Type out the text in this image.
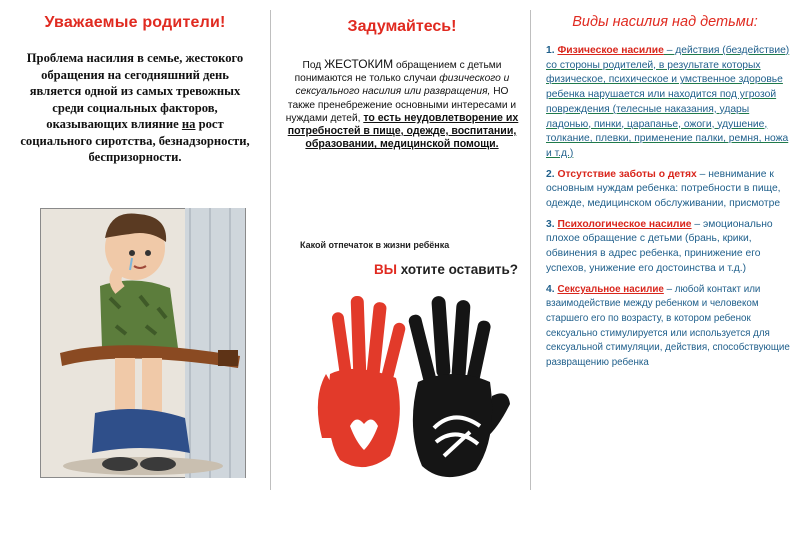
Уважаемые родители!
Проблема насилия в семье, жестокого обращения на сегодняшний день является одной из самых тревожных среди социальных факторов, оказывающих влияние на рост социального сиротства, безнадзорности, беспризорности.
Задумайтесь!
Под ЖЕСТОКИМ обращением с детьми понимаются не только случаи физического и сексуального насилия или развращения, НО также пренебрежение основными интересами и нуждами детей, то есть неудовлетворение их потребностей в пище, одежде, воспитании, образовании, медицинской помощи.
Какой отпечаток в жизни ребёнка
ВЫ хотите оставить?
Виды насилия над детьми:
1. Физическое насилие – действия (бездействие) со стороны родителей, в результате которых физическое, психическое и умственное здоровье ребенка нарушается или находится под угрозой повреждения (телесные наказания, удары ладонью, пинки, царапанье, ожоги, удушение, толкание, плевки, применение палки, ремня, ножа и т.д.)
2. Отсутствие заботы о детях – невнимание к основным нуждам ребенка: потребности в пище, одежде, медицинском обслуживании, присмотре
3. Психологическое насилие – эмоционально плохое обращение с детьми (брань, крики, обвинения в адрес ребенка, принижение его успехов, унижение его достоинства и т.д.)
4. Сексуальное насилие – любой контакт или взаимодействие между ребенком и человеком старшего его по возрасту, в котором ребенок сексуально стимулируется или используется для сексуальной стимуляции, действия, способствующие развращению ребенка
